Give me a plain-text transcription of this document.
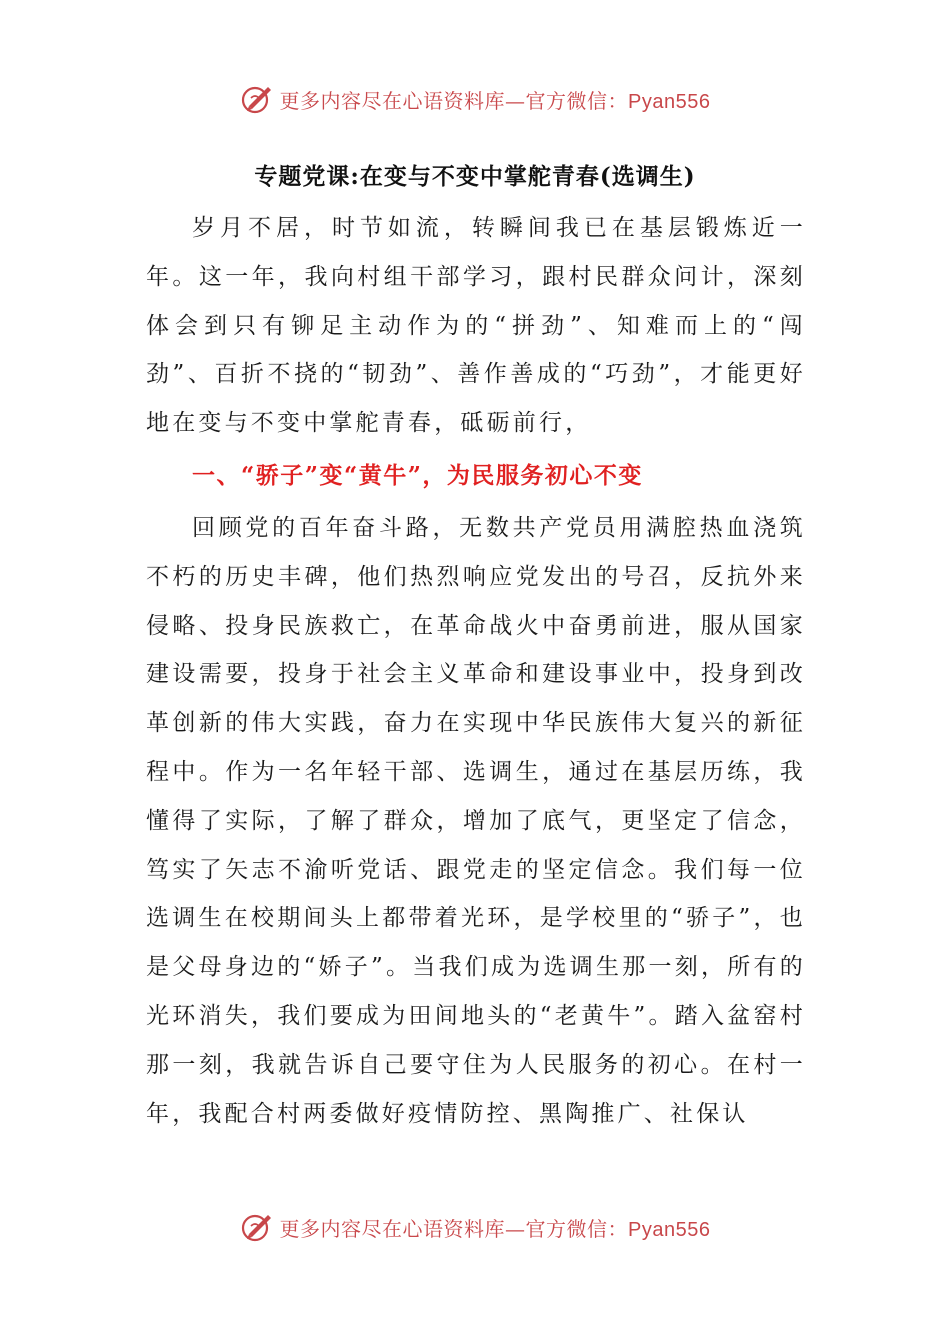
更多内容尽在心语资料库—官方微信：Pyan556
专题党课:在变与不变中掌舵青春(选调生)

岁月不居，时节如流，转瞬间我已在基层锻炼近一年。这一年，我向村组干部学习，跟村民群众问计，深刻体会到只有铆足主动作为的“拼劲”、知难而上的“闯劲”、百折不挠的“韧劲”、善作善成的“巧劲”，才能更好地在变与不变中掌舵青春，砥砺前行，

一、“骄子”变“黄牛”，为民服务初心不变

回顾党的百年奋斗路，无数共产党员用满腔热血浇筑不朽的历史丰碑，他们热烈响应党发出的号召，反抗外来侵略、投身民族救亡，在革命战火中奋勇前进，服从国家建设需要，投身于社会主义革命和建设事业中，投身到改革创新的伟大实践，奋力在实现中华民族伟大复兴的新征程中。作为一名年轻干部、选调生，通过在基层历练，我懂得了实际，了解了群众，增加了底气，更坚定了信念，笃实了矢志不渝听党话、跟党走的坚定信念。我们每一位选调生在校期间头上都带着光环，是学校里的“骄子”，也是父母身边的“娇子”。当我们成为选调生那一刻，所有的光环消失，我们要成为田间地头的“老黄牛”。踏入盆窑村那一刻，我就告诉自己要守住为人民服务的初心。在村一年，我配合村两委做好疫情防控、黑陶推广、社保认

更多内容尽在心语资料库—官方微信：Pyan556
